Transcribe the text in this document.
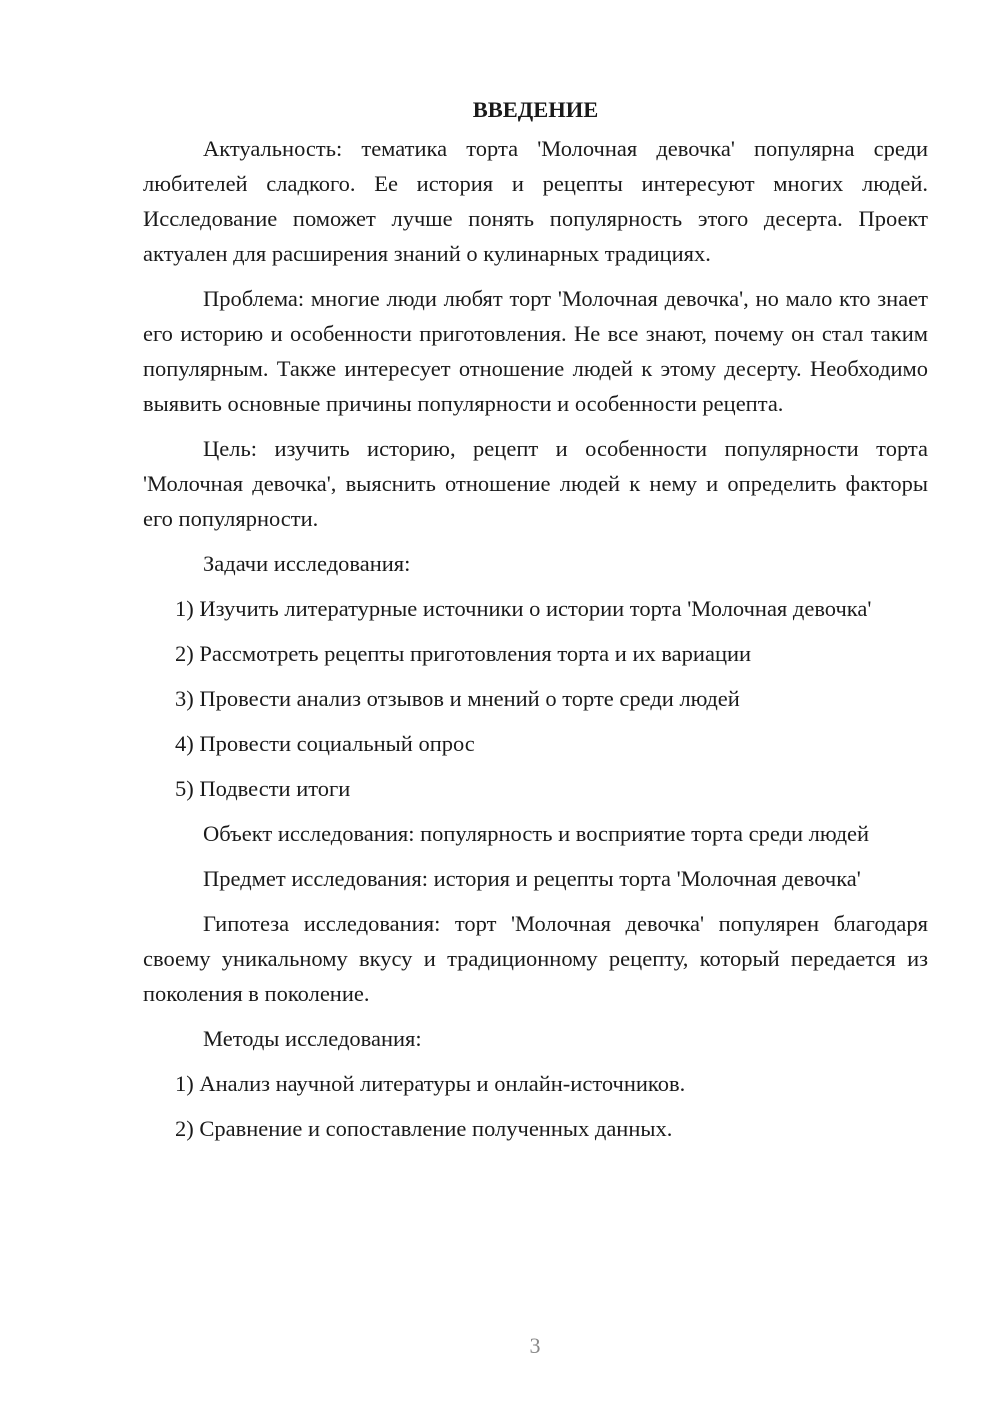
ВВЕДЕНИЕ

Актуальность: тематика торта 'Молочная девочка' популярна среди любителей сладкого. Ее история и рецепты интересуют многих людей. Исследование поможет лучше понять популярность этого десерта. Проект актуален для расширения знаний о кулинарных традициях.

Проблема: многие люди любят торт 'Молочная девочка', но мало кто знает его историю и особенности приготовления. Не все знают, почему он стал таким популярным. Также интересует отношение людей к этому десерту. Необходимо выявить основные причины популярности и особенности рецепта.

Цель: изучить историю, рецепт и особенности популярности торта 'Молочная девочка', выяснить отношение людей к нему и определить факторы его популярности.

Задачи исследования:

1) Изучить литературные источники о истории торта 'Молочная девочка'

2) Рассмотреть рецепты приготовления торта и их вариации

3) Провести анализ отзывов и мнений о торте среди людей

4) Провести социальный опрос

5) Подвести итоги

Объект исследования: популярность и восприятие торта среди людей

Предмет исследования: история и рецепты торта 'Молочная девочка'

Гипотеза исследования: торт 'Молочная девочка' популярен благодаря своему уникальному вкусу и традиционному рецепту, который передается из поколения в поколение.

Методы исследования:

1) Анализ научной литературы и онлайн-источников.

2) Сравнение и сопоставление полученных данных.

3
